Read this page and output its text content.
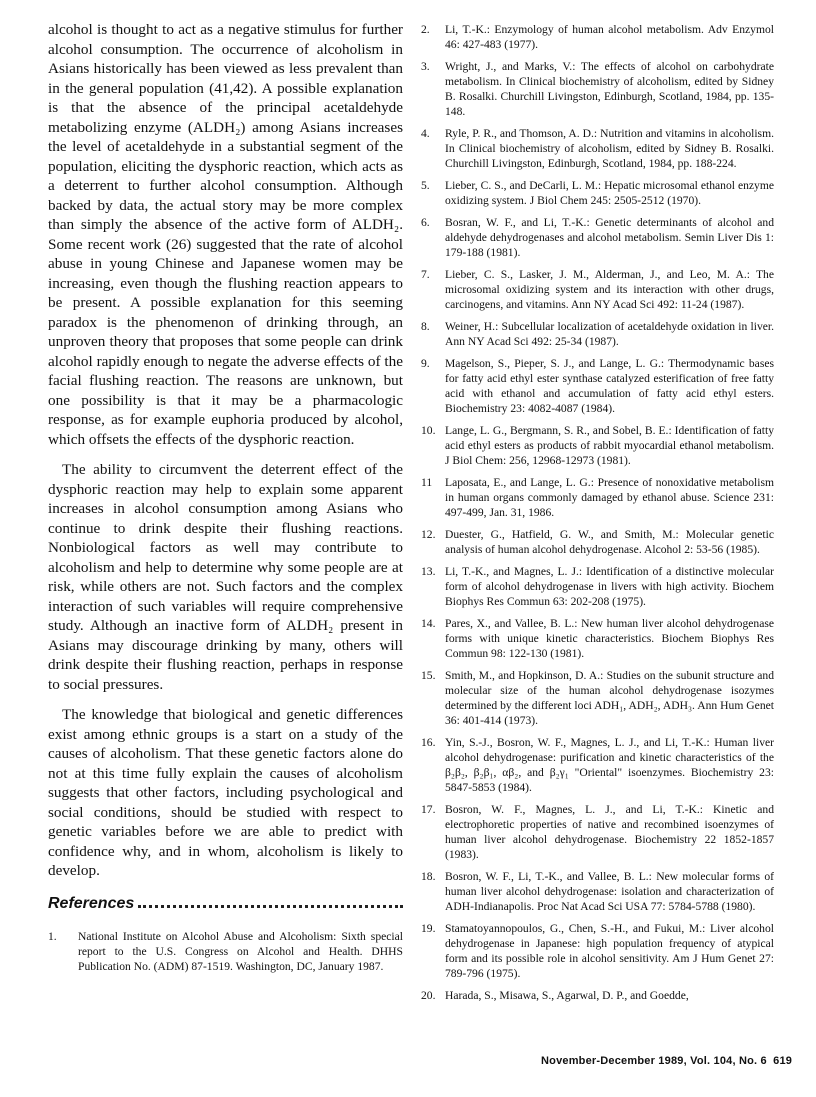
alcohol is thought to act as a negative stimulus for further alcohol consumption. The occurrence of alcoholism in Asians historically has been viewed as less prevalent than in the general population (41,42). A possible explanation is that the absence of the principal acetaldehyde metabolizing enzyme (ALDH₂) among Asians increases the level of acetaldehyde in a substantial segment of the population, eliciting the dysphoric reaction, which acts as a deterrent to further alcohol consumption. Although backed by data, the actual story may be more complex than simply the absence of the active form of ALDH₂. Some recent work (26) suggested that the rate of alcohol abuse in young Chinese and Japanese women may be increasing, even though the flushing reaction appears to be present. A possible explanation for this seeming paradox is the phenomenon of drinking through, an unproven theory that proposes that some people can drink alcohol rapidly enough to negate the adverse effects of the facial flushing reaction. The reasons are unknown, but one possibility is that it may be a pharmacologic response, as for example euphoria produced by alcohol, which offsets the effects of the dysphoric reaction.

The ability to circumvent the deterrent effect of the dysphoric reaction may help to explain some apparent increases in alcohol consumption among Asians who continue to drink despite their flushing reactions. Nonbiological factors as well may contribute to alcoholism and help to determine why some people are at risk, while others are not. Such factors and the complex interaction of such variables will require comprehensive study. Although an inactive form of ALDH₂ present in Asians may discourage drinking by many, others will drink despite their flushing reaction, perhaps in response to social pressures.

The knowledge that biological and genetic differences exist among ethnic groups is a start on a study of the causes of alcoholism. That these genetic factors alone do not at this time fully explain the causes of alcoholism suggests that other factors, including psychological and social conditions, should be studied with respect to genetic variables before we are able to predict with confidence why, and in whom, alcoholism is likely to develop.

References
1.	National Institute on Alcohol Abuse and Alcoholism: Sixth special report to the U.S. Congress on Alcohol and Health. DHHS Publication No. (ADM) 87-1519. Washington, DC, January 1987.
2.	Li, T.-K.: Enzymology of human alcohol metabolism. Adv Enzymol 46: 427-483 (1977).
3.	Wright, J., and Marks, V.: The effects of alcohol on carbohydrate metabolism. In Clinical biochemistry of alcoholism, edited by Sidney B. Rosalki. Churchill Livingston, Edinburgh, Scotland, 1984, pp. 135-148.
4.	Ryle, P. R., and Thomson, A. D.: Nutrition and vitamins in alcoholism. In Clinical biochemistry of alcoholism, edited by Sidney B. Rosalki. Churchill Livingston, Edinburgh, Scotland, 1984, pp. 188-224.
5.	Lieber, C. S., and DeCarli, L. M.: Hepatic microsomal ethanol enzyme oxidizing system. J Biol Chem 245: 2505-2512 (1970).
6.	Bosran, W. F., and Li, T.-K.: Genetic determinants of alcohol and aldehyde dehydrogenases and alcohol metabolism. Semin Liver Dis 1: 179-188 (1981).
7.	Lieber, C. S., Lasker, J. M., Alderman, J., and Leo, M. A.: The microsomal oxidizing system and its interaction with other drugs, carcinogens, and vitamins. Ann NY Acad Sci 492: 11-24 (1987).
8.	Weiner, H.: Subcellular localization of acetaldehyde oxidation in liver. Ann NY Acad Sci 492: 25-34 (1987).
9.	Magelson, S., Pieper, S. J., and Lange, L. G.: Thermodynamic bases for fatty acid ethyl ester synthase catalyzed esterification of free fatty acid with ethanol and accumulation of fatty acid ethyl esters. Biochemistry 23: 4082-4087 (1984).
10. Lange, L. G., Bergmann, S. R., and Sobel, B. E.: Identification of fatty acid ethyl esters as products of rabbit myocardial ethanol metabolism. J Biol Chem: 256, 12968-12973 (1981).
11	Laposata, E., and Lange, L. G.: Presence of nonoxidative metabolism in human organs commonly damaged by ethanol abuse. Science 231: 497-499, Jan. 31, 1986.
12. Duester, G., Hatfield, G. W., and Smith, M.: Molecular genetic analysis of human alcohol dehydrogenase. Alcohol 2: 53-56 (1985).
13. Li, T.-K., and Magnes, L. J.: Identification of a distinctive molecular form of alcohol dehydrogenase in livers with high activity. Biochem Biophys Res Commun 63: 202-208 (1975).
14. Pares, X., and Vallee, B. L.: New human liver alcohol dehydrogenase forms with unique kinetic characteristics. Biochem Biophys Res Commun 98: 122-130 (1981).
15. Smith, M., and Hopkinson, D. A.: Studies on the subunit structure and molecular size of the human alcohol dehydrogenase isozymes determined by the different loci ADH₁, ADH₂, ADH₃. Ann Hum Genet 36: 401-414 (1973).
16. Yin, S.-J., Bosron, W. F., Magnes, L. J., and Li, T.-K.: Human liver alcohol dehydrogenase: purification and kinetic characteristics of the β₂β₂, β₂β₁, αβ₂, and β₂γ₁ "Oriental" isoenzymes. Biochemistry 23: 5847-5853 (1984).
17. Bosron, W. F., Magnes, L. J., and Li, T.-K.: Kinetic and electrophoretic properties of native and recombined isoenzymes of human liver alcohol dehydrogenase. Biochemistry 22 1852-1857 (1983).
18. Bosron, W. F., Li, T.-K., and Vallee, B. L.: New molecular forms of human liver alcohol dehydrogenase: isolation and characterization of ADH-Indianapolis. Proc Nat Acad Sci USA 77: 5784-5788 (1980).
19. Stamatoyannopoulos, G., Chen, S.-H., and Fukui, M.: Liver alcohol dehydrogenase in Japanese: high population frequency of atypical form and its possible role in alcohol sensitivity. Am J Hum Genet 27: 789-796 (1975).
20. Harada, S., Misawa, S., Agarwal, D. P., and Goedde,
November-December 1989, Vol. 104, No. 6 619
